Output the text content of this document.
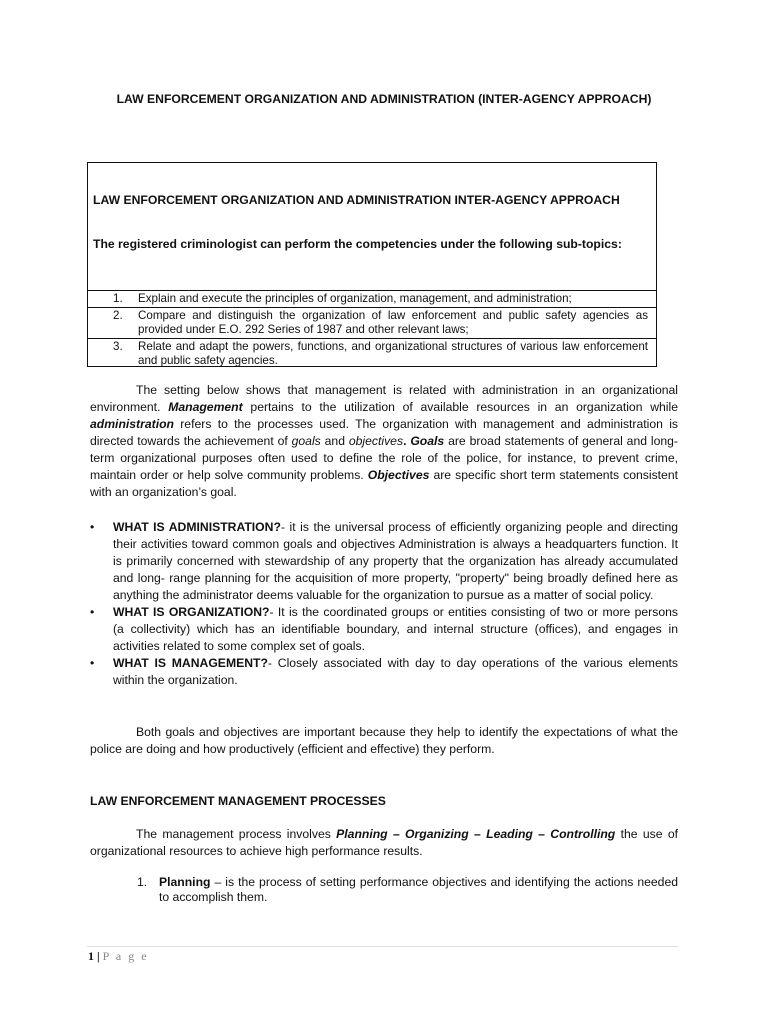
LAW ENFORCEMENT ORGANIZATION AND ADMINISTRATION (INTER-AGENCY APPROACH)
LAW ENFORCEMENT ORGANIZATION AND ADMINISTRATION INTER-AGENCY APPROACH
The registered criminologist can perform the competencies under the following sub-topics:
1. Explain and execute the principles of organization, management, and administration;
2. Compare and distinguish the organization of law enforcement and public safety agencies as provided under E.O. 292 Series of 1987 and other relevant laws;
3. Relate and adapt the powers, functions, and organizational structures of various law enforcement and public safety agencies.
The setting below shows that management is related with administration in an organizational environment. Management pertains to the utilization of available resources in an organization while administration refers to the processes used. The organization with management and administration is directed towards the achievement of goals and objectives. Goals are broad statements of general and long-term organizational purposes often used to define the role of the police, for instance, to prevent crime, maintain order or help solve community problems. Objectives are specific short term statements consistent with an organization’s goal.
• WHAT IS ADMINISTRATION?- it is the universal process of efficiently organizing people and directing their activities toward common goals and objectives Administration is always a headquarters function. It is primarily concerned with stewardship of any property that the organization has already accumulated and long- range planning for the acquisition of more property, "property" being broadly defined here as anything the administrator deems valuable for the organization to pursue as a matter of social policy.
• WHAT IS ORGANIZATION?- It is the coordinated groups or entities consisting of two or more persons (a collectivity) which has an identifiable boundary, and internal structure (offices), and engages in activities related to some complex set of goals.
• WHAT IS MANAGEMENT?- Closely associated with day to day operations of the various elements within the organization.
Both goals and objectives are important because they help to identify the expectations of what the police are doing and how productively (efficient and effective) they perform.
LAW ENFORCEMENT MANAGEMENT PROCESSES
The management process involves Planning – Organizing – Leading – Controlling the use of organizational resources to achieve high performance results.
1. Planning – is the process of setting performance objectives and identifying the actions needed to accomplish them.
1 | P a g e
